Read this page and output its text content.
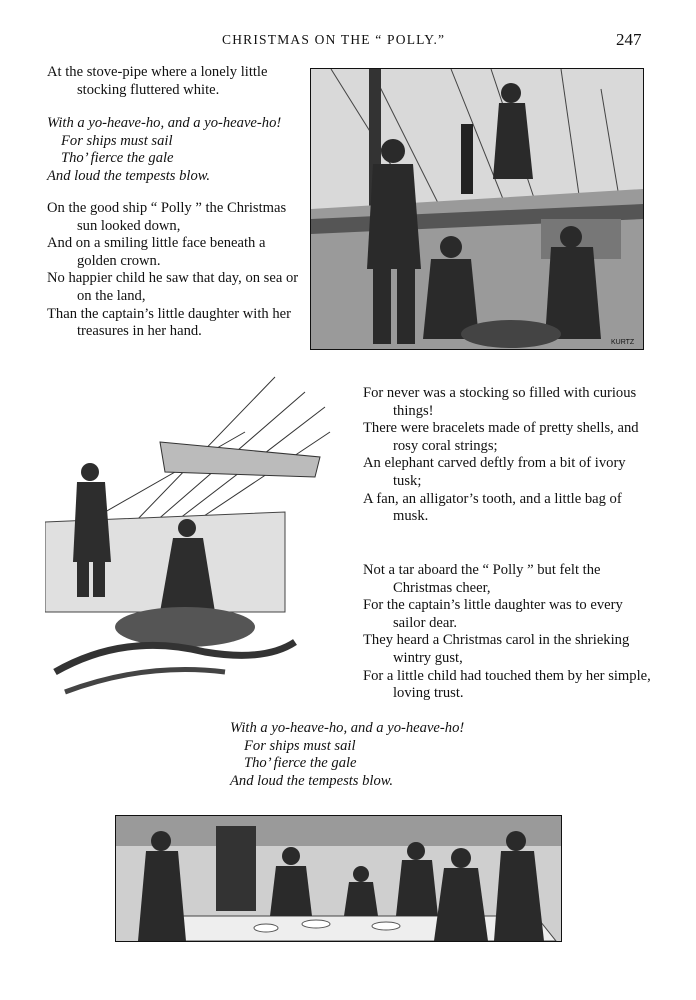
CHRISTMAS ON THE “ POLLY.”	247

At the stove-pipe where a lonely little stocking fluttered white.

With a yo-heave-ho, and a yo-heave-ho!

For ships must sail

Tho’ fierce the gale

And loud the tempests blow.

On the good ship “ Polly ” the Christmas sun looked down,

And on a smiling little face beneath a golden crown.

No happier child he saw that day, on sea or on the land,

Than the captain’s little daughter with her treasures in her hand.

KURTZ

For never was a stocking so filled with curious things!

There were bracelets made of pretty shells, and rosy coral strings;

An elephant carved deftly from a bit of ivory tusk;

A fan, an alligator’s tooth, and a little bag of musk.

Not a tar aboard the “ Polly ” but felt the Christmas cheer,

For the captain’s little daughter was to every sailor dear.

They heard a Christmas carol in the shrieking wintry gust,

For a little child had touched them by her simple, loving trust.

With a yo-heave-ho, and a yo-heave-ho!

For ships must sail

Tho’ fierce the gale

And loud the tempests blow.
